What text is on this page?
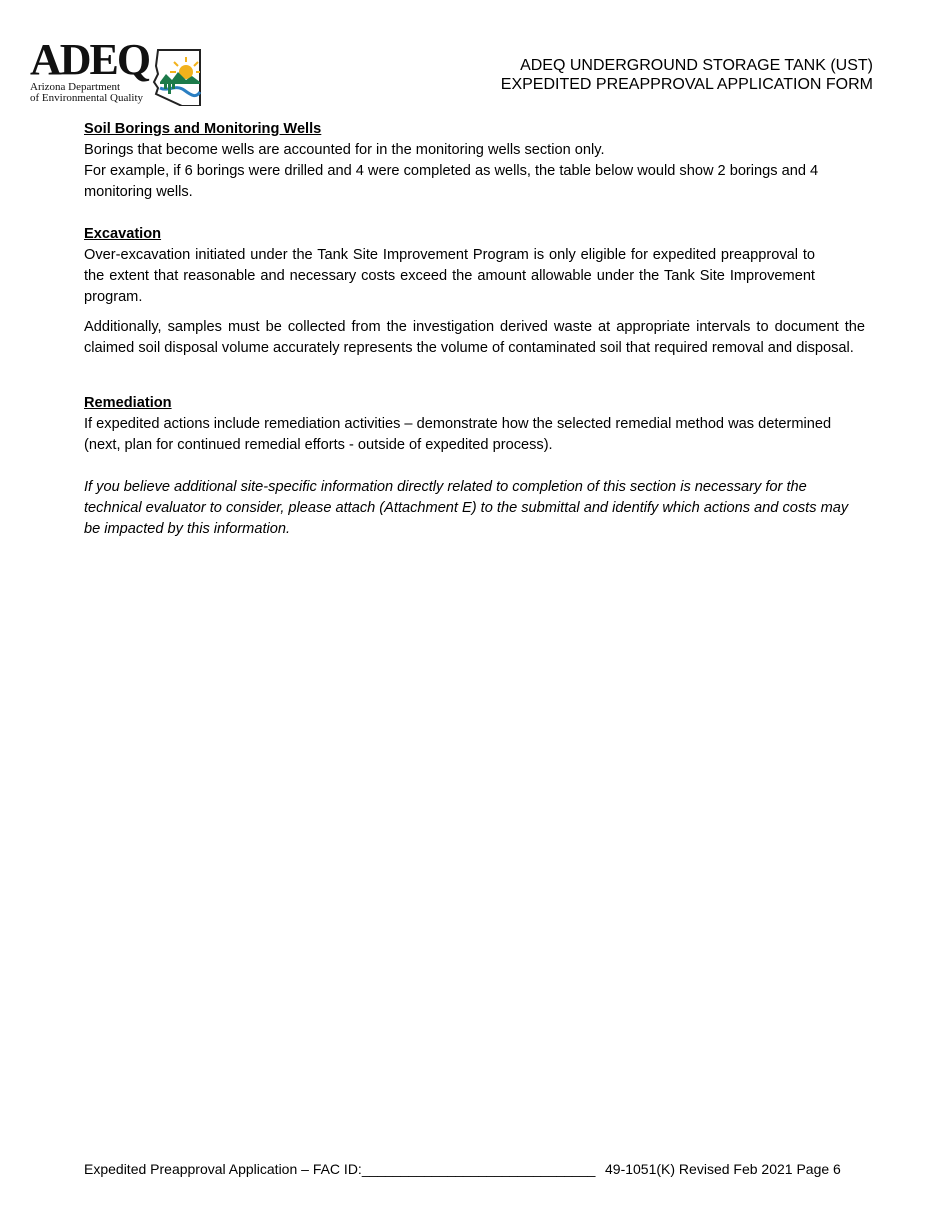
ADEQ
Arizona Department
of Environmental Quality
ADEQ UNDERGROUND STORAGE TANK (UST)
EXPEDITED PREAPPROVAL APPLICATION FORM
Soil Borings and Monitoring Wells

Borings that become wells are accounted for in the monitoring wells section only.

For example, if 6 borings were drilled and 4 were completed as wells, the table below would show 2 borings and 4 monitoring wells.

Excavation

Over-excavation initiated under the Tank Site Improvement Program is only eligible for expedited preapproval to the extent that reasonable and necessary costs exceed the amount allowable under the Tank Site Improvement program.

Additionally, samples must be collected from the investigation derived waste at appropriate intervals to document the claimed soil disposal volume accurately represents the volume of contaminated soil that required removal and disposal.

Remediation

If expedited actions include remediation activities – demonstrate how the selected remedial method was determined (next, plan for continued remedial efforts - outside of expedited process).

If you believe additional site-specific information directly related to completion of this section is necessary for the technical evaluator to consider, please attach (Attachment E) to the submittal and identify which actions and costs may be impacted by this information.

Expedited Preapproval Application – FAC ID:______________________________ 49-1051(K) Revised Feb 2021 Page 6
